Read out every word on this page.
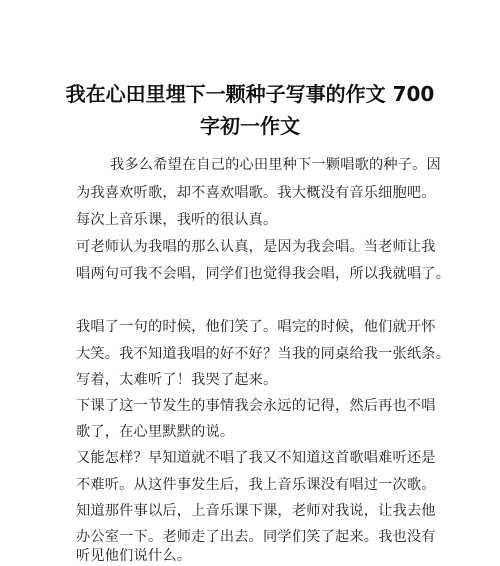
我在心田里埋下一颗种子写事的作文 700
字初一作文
我多么希望在自己的心田里种下一颗唱歌的种子。因
为我喜欢听歌，却不喜欢唱歌。我大概没有音乐细胞吧。
每次上音乐课，我听的很认真。
可老师认为我唱的那么认真，是因为我会唱。当老师让我
唱两句可我不会唱，同学们也觉得我会唱，所以我就唱了。
我唱了一句的时候，他们笑了。唱完的时候，他们就开怀
大笑。我不知道我唱的好不好？当我的同桌给我一张纸条。
写着，太难听了！我哭了起来。
下课了这一节发生的事情我会永远的记得，然后再也不唱
歌了，在心里默默的说。
又能怎样？早知道就不唱了我又不知道这首歌唱难听还是
不难听。从这件事发生后，我上音乐课没有唱过一次歌。
知道那件事以后，上音乐课下课，老师对我说，让我去他
办公室一下。老师走了出去。同学们笑了起来。我也没有
听见他们说什么。
